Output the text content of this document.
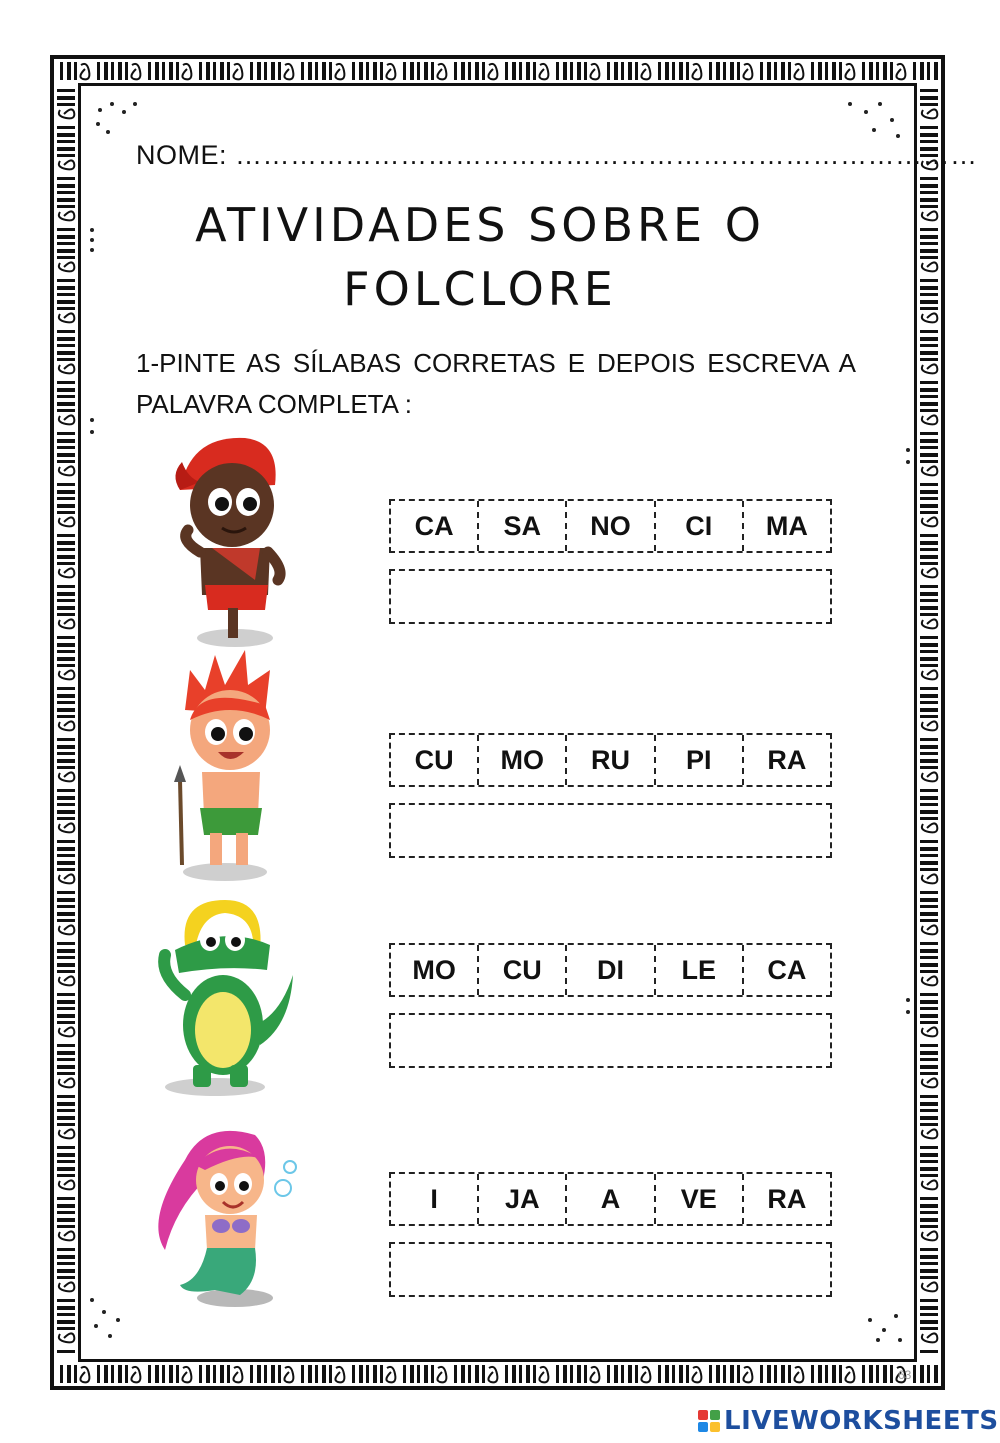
NOME: ………………………………………………………………………
ATIVIDADES SOBRE O
FOLCLORE
1-PINTE AS SÍLABAS CORRETAS E DEPOIS ESCREVA A
PALAVRA COMPLETA :
CA	SA	NO	CI	MA
CU	MO	RU	PI	RA
MO	CU	DI	LE	CA
I	JA	A	VE	RA
63
LIVEWORKSHEETS
